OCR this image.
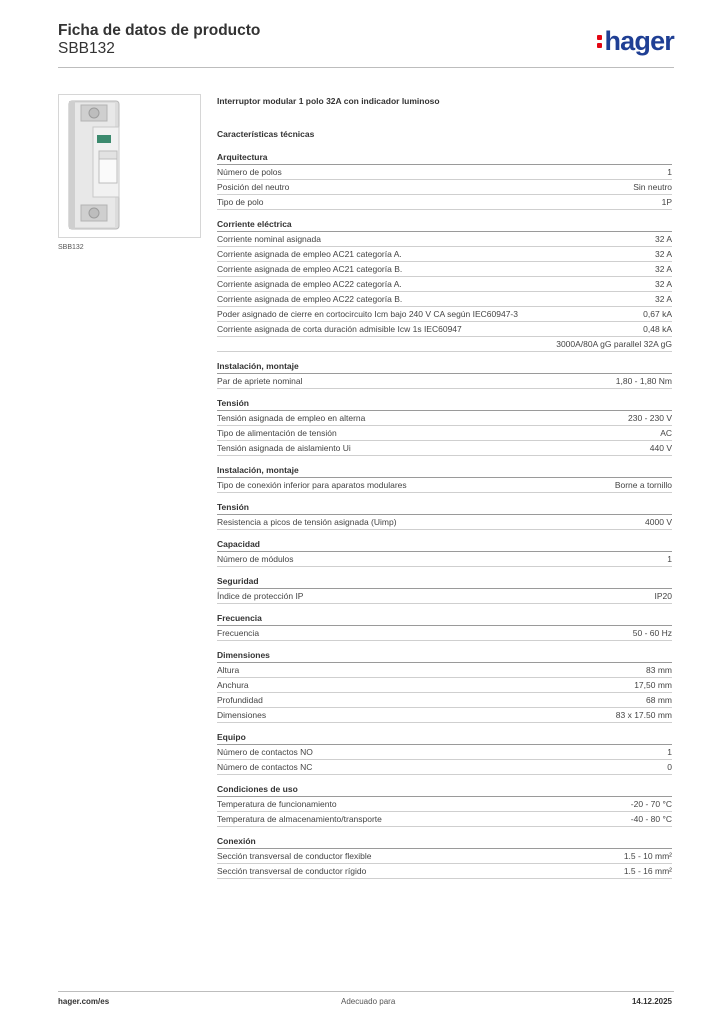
Ficha de datos de producto
SBB132	hager
SBB132
Interruptor modular 1 polo 32A con indicador luminoso
Características técnicas
Arquitectura
Número de polos	1
Posición del neutro	Sin neutro
Tipo de polo	1P
Corriente eléctrica
Corriente nominal asignada	32 A
Corriente asignada de empleo AC21 categoría A.	32 A
Corriente asignada de empleo AC21 categoría B.	32 A
Corriente asignada de empleo AC22 categoría A.	32 A
Corriente asignada de empleo AC22 categoría B.	32 A
Poder asignado de cierre en cortocircuito Icm bajo 240 V CA según IEC60947-3	0,67 kA
Corriente asignada de corta duración admisible Icw 1s IEC60947	0,48 kA
3000A/80A gG parallel 32A gG
Instalación, montaje
Par de apriete nominal	1,80 - 1,80 Nm
Tensión
Tensión asignada de empleo en alterna	230 - 230 V
Tipo de alimentación de tensión	AC
Tensión asignada de aislamiento Ui	440 V
Instalación, montaje
Tipo de conexión inferior para aparatos modulares	Borne a tornillo
Tensión
Resistencia a picos de tensión asignada (Uimp)	4000 V
Capacidad
Número de módulos	1
Seguridad
Índice de protección IP	IP20
Frecuencia
Frecuencia	50 - 60 Hz
Dimensiones
Altura	83 mm
Anchura	17,50 mm
Profundidad	68 mm
Dimensiones	83 x 17.50 mm
Equipo
Número de contactos NO	1
Número de contactos NC	0
Condiciones de uso
Temperatura de funcionamiento	-20 - 70 °C
Temperatura de almacenamiento/transporte	-40 - 80 °C
Conexión
Sección transversal de conductor flexible	1.5 - 10 mm²
Sección transversal de conductor rígido	1.5 - 16 mm²
hager.com/es	Adecuado para	14.12.2025
